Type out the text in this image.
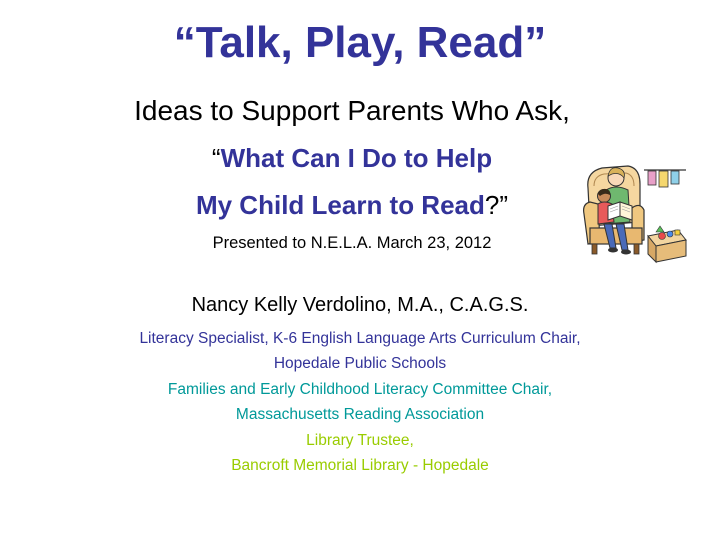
“Talk, Play, Read”
Ideas to Support Parents Who Ask,
“What Can I Do to Help
My Child Learn to Read?”
Presented to N.E.L.A. March 23, 2012
Nancy Kelly Verdolino, M.A., C.A.G.S.
Literacy Specialist, K-6 English Language Arts Curriculum Chair,
Hopedale Public Schools
Families and Early Childhood Literacy Committee Chair,
Massachusetts Reading Association
Library Trustee,
Bancroft Memorial Library - Hopedale
